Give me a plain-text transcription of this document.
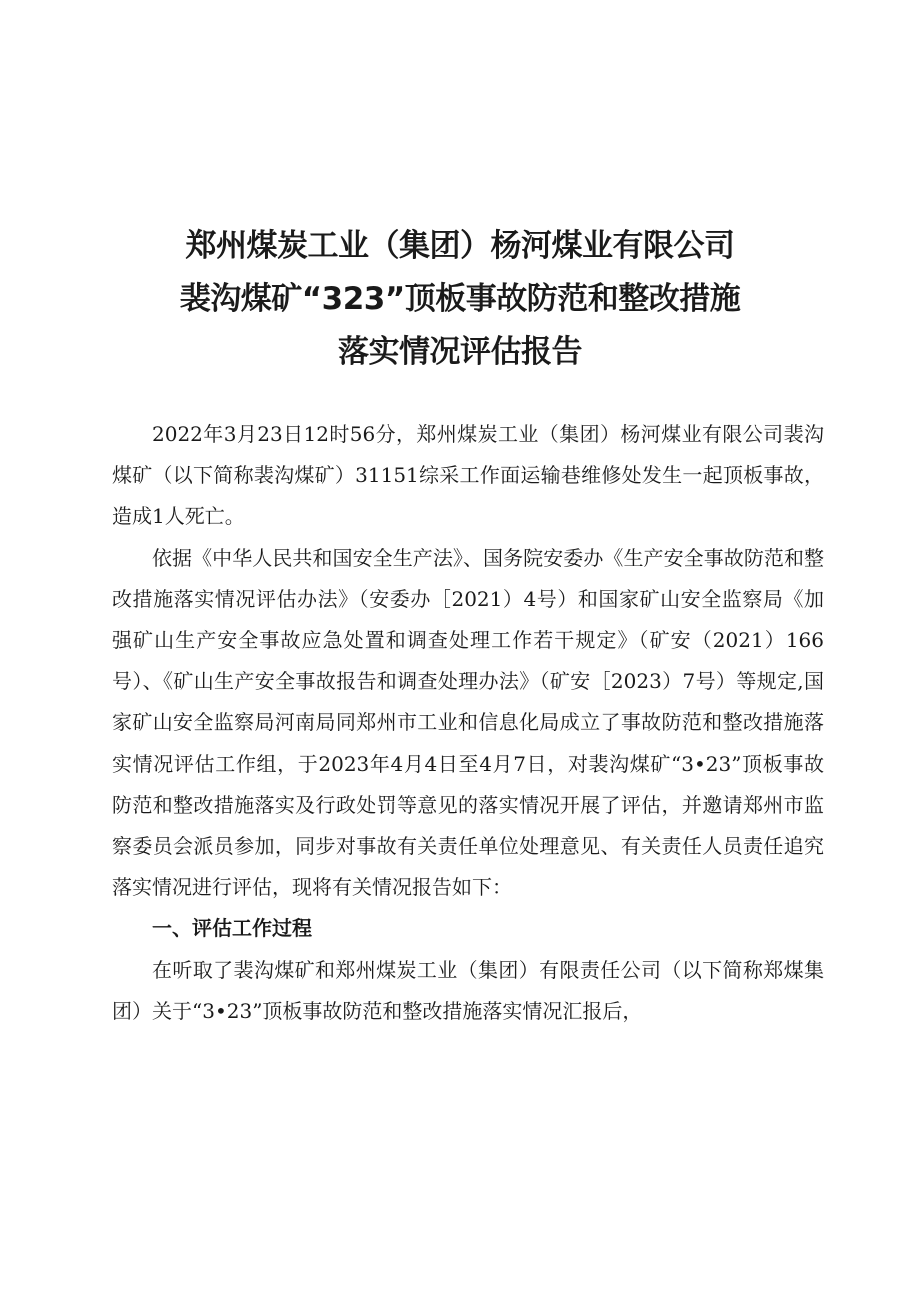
郑州煤炭工业（集团）杨河煤业有限公司
裴沟煤矿“323”顶板事故防范和整改措施
落实情况评估报告

2022年3月23日12时56分，郑州煤炭工业（集团）杨河煤业有限公司裴沟煤矿（以下简称裴沟煤矿）31151综采工作面运输巷维修处发生一起顶板事故，造成1人死亡。

依据《中华人民共和国安全生产法》、国务院安委办《生产安全事故防范和整改措施落实情况评估办法》（安委办［2021）4号）和国家矿山安全监察局《加强矿山生产安全事故应急处置和调查处理工作若干规定》（矿安（2021）166号）、《矿山生产安全事故报告和调查处理办法》（矿安［2023）7号）等规定,国家矿山安全监察局河南局同郑州市工业和信息化局成立了事故防范和整改措施落实情况评估工作组，于2023年4月4日至4月7日，对裴沟煤矿“3•23”顶板事故防范和整改措施落实及行政处罚等意见的落实情况开展了评估，并邀请郑州市监察委员会派员参加，同步对事故有关责任单位处理意见、有关责任人员责任追究落实情况进行评估，现将有关情况报告如下：

一、评估工作过程

在听取了裴沟煤矿和郑州煤炭工业（集团）有限责任公司（以下简称郑煤集团）关于“3•23”顶板事故防范和整改措施落实情况汇报后，
